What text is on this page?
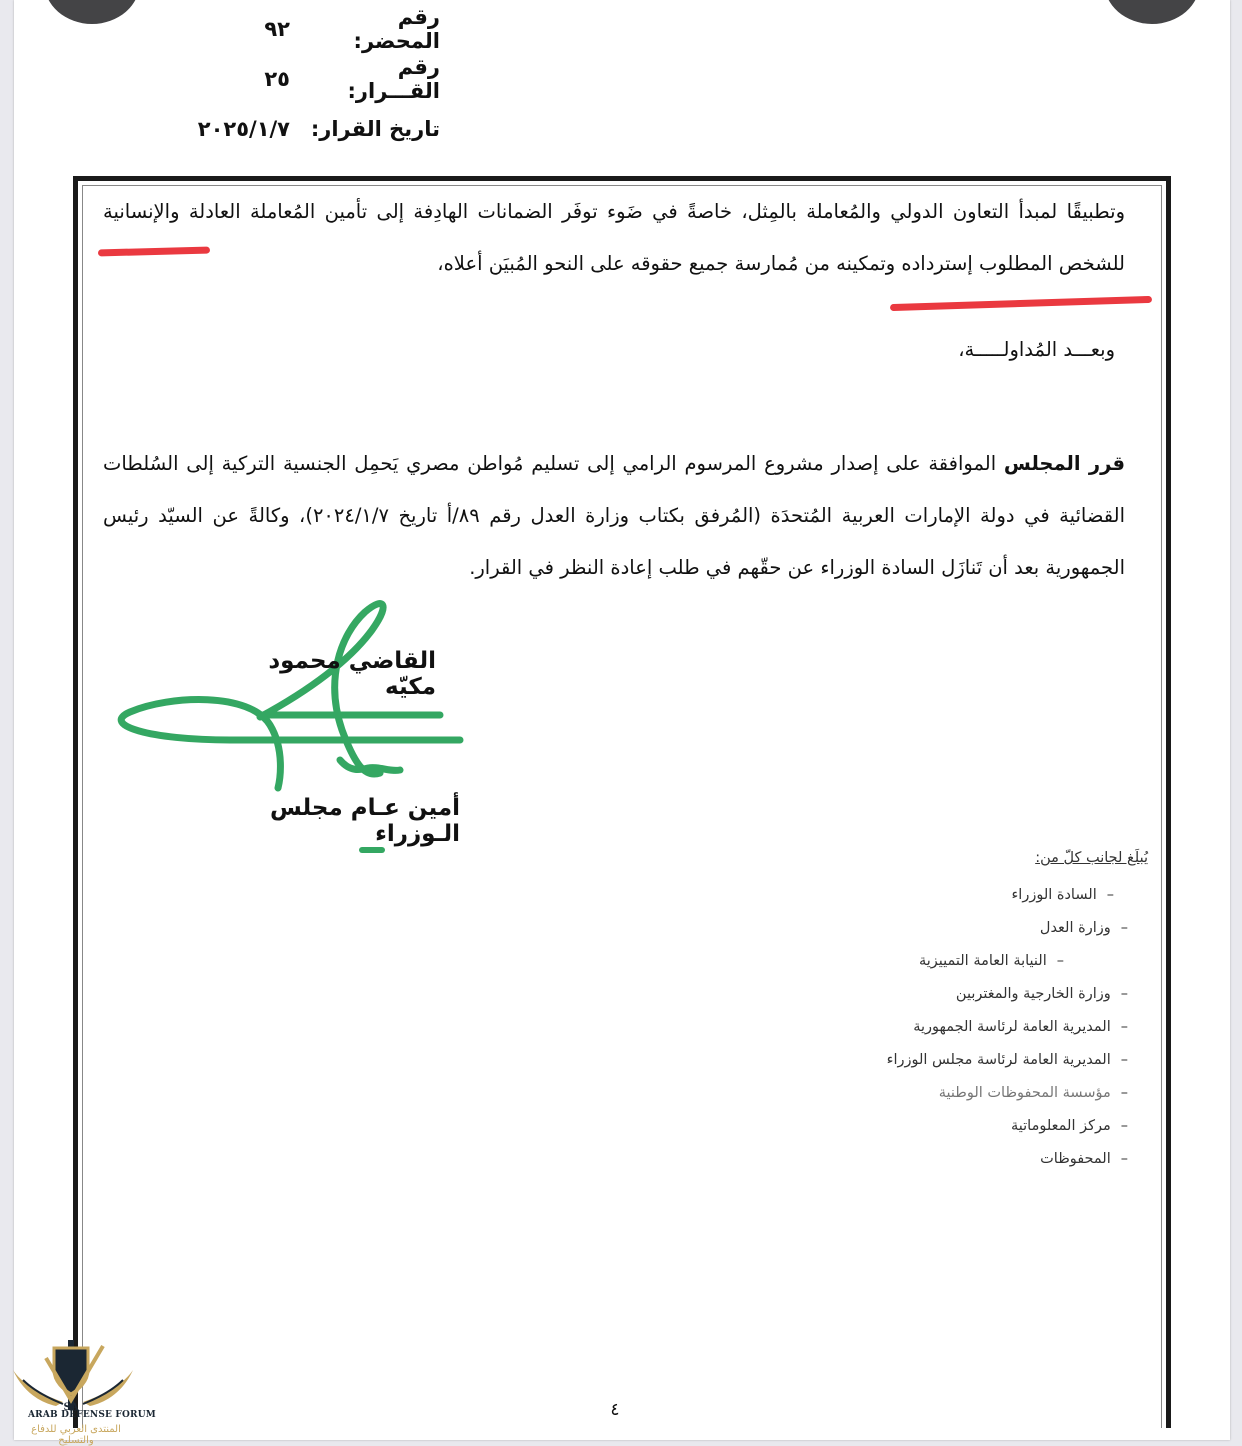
رقم المحضر:
٩٢
رقم القـــرار:
٢٥
تاريخ القرار:
٢٠٢٥/١/٧
وتطبيقًا لمبدأ التعاون الدولي والمُعاملة بالمِثل، خاصةً في ضَوء توفَر الضمانات الهادِفة إلى تأمين المُعاملة العادلة والإنسانية للشخص المطلوب إسترداده وتمكينه من مُمارسة جميع حقوقه على النحو المُبيَن أعلاه،
وبعـــد المُداولـــــة،
قرر المجلس الموافقة على إصدار مشروع المرسوم الرامي إلى تسليم مُواطن مصري يَحمِل الجنسية التركية إلى السُلطات القضائية في دولة الإمارات العربية المُتحدَة (المُرفق بكتاب وزارة العدل رقم ٨٩/أ تاريخ ٢٠٢٤/١/٧)، وكالةً عن السيّد رئيس الجمهورية بعد أن تَنازَل السادة الوزراء عن حقّهم في طلب إعادة النظر في القرار.
القاضي محمود مكيّه
أمين عـام مجلس الـوزراء
يُبلَغ لجانب كلّ من:
–السادة الوزراء
–وزارة العدل
–النيابة العامة التمييزية
–وزارة الخارجية والمغتربين
–المديرية العامة لرئاسة الجمهورية
–المديرية العامة لرئاسة مجلس الوزراء
–مؤسسة المحفوظات الوطنية
–مركز المعلوماتية
–المحفوظات
٤
SA
ARAB DEFENSE FORUM
المنتدى العربي للدفاع والتسليح
